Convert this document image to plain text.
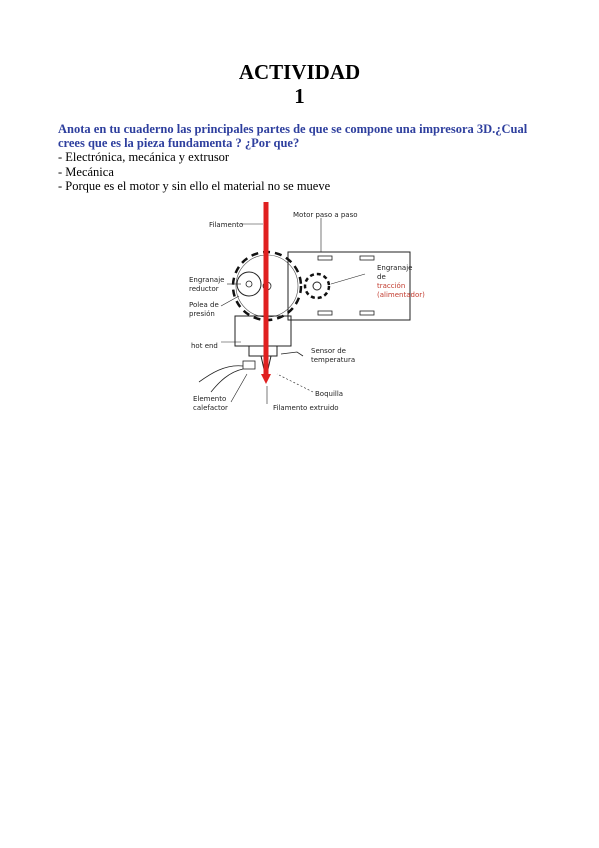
ACTIVIDAD
1
Anota en tu cuaderno las principales partes de que se compone una impresora 3D.¿Cual crees que es la pieza fundamenta ? ¿Por que?
- Electrónica, mecánica y extrusor
- Mecánica
- Porque es el motor y sin ello el material no se mueve
Filamento
Motor paso a paso
Engranaje
reductor
Polea de
presión
hot end
Sensor de
temperatura
Engranaje
de
tracción
(alimentador)
Boquilla
Elemento
calefactor	Filamento extruido
